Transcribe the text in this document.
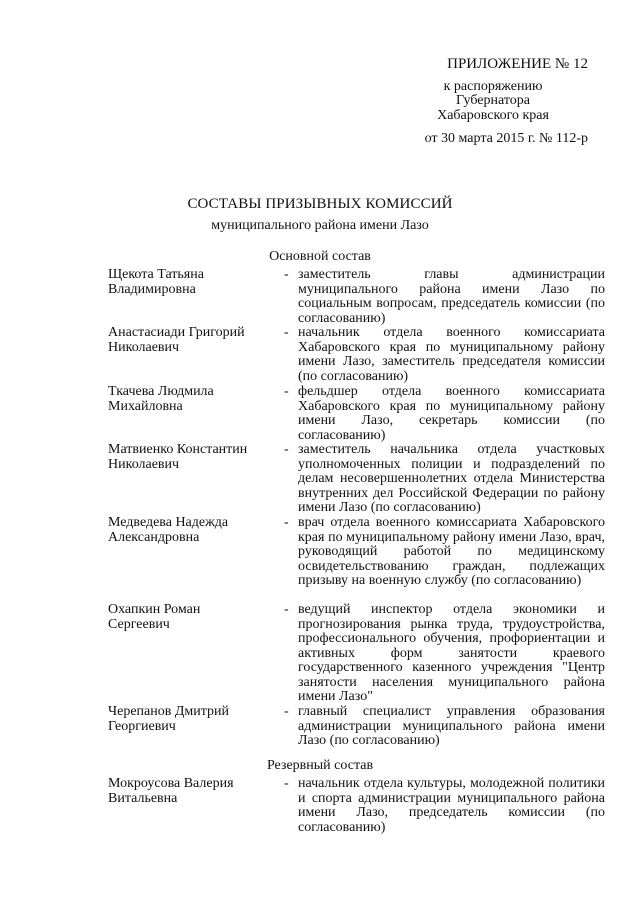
ПРИЛОЖЕНИЕ № 12
к распоряжению
Губернатора
Хабаровского края
от 30 марта 2015 г. № 112-р
СОСТАВЫ ПРИЗЫВНЫХ КОМИССИЙ
муниципального района имени Лазо
Основной состав
Щекота Татьяна
Владимировна
- заместитель главы администрации муниципального района имени Лазо по социальным вопросам, председатель комиссии (по согласованию)
Анастасиади Григорий
Николаевич
- начальник отдела военного комиссариата Хабаровского края по муниципальному району имени Лазо, заместитель председателя комиссии (по согласованию)
Ткачева Людмила
Михайловна
- фельдшер отдела военного комиссариата Хабаровского края по муниципальному району имени Лазо, секретарь комиссии (по согласованию)
Матвиенко Константин
Николаевич
- заместитель начальника отдела участковых уполномоченных полиции и подразделений по делам несовершеннолетних отдела Министерства внутренних дел Российской Федерации по району имени Лазо (по согласованию)
Медведева Надежда
Александровна
- врач отдела военного комиссариата Хабаровского края по муниципальному району имени Лазо, врач, руководящий работой по медицинскому освидетельствованию граждан, подлежащих призыву на военную службу (по согласованию)
Охапкин Роман
Сергеевич
- ведущий инспектор отдела экономики и прогнозирования рынка труда, трудоустройства, профессионального обучения, профориентации и активных форм занятости краевого государственного казенного учреждения "Центр занятости населения муниципального района имени Лазо"
Черепанов Дмитрий
Георгиевич
- главный специалист управления образования администрации муниципального района имени Лазо (по согласованию)
Резервный состав
Мокроусова Валерия
Витальевна
- начальник отдела культуры, молодежной политики и спорта администрации муниципального района имени Лазо, председатель комиссии (по согласованию)
